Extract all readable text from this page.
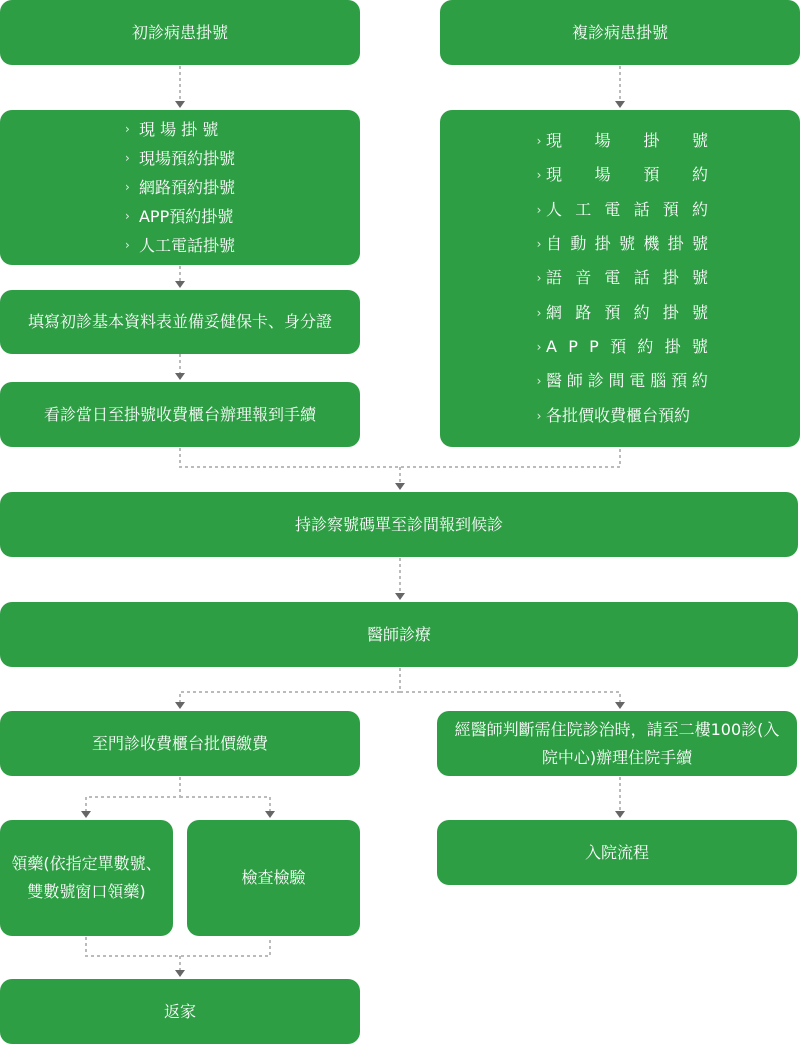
初診病患掛號
› 現 場 掛 號
› 現場預約掛號
› 網路預約掛號
› APP預約掛號
› 人工電話掛號
填寫初診基本資料表並備妥健保卡、身分證
看診當日至掛號收費櫃台辦理報到手續
複診病患掛號
› 現 場 掛 號
› 現 場 預 約
› 人 工 電 話 預 約
› 自 動 掛 號 機 掛 號
› 語 音 電 話 掛 號
› 網 路 預 約 掛 號
› A P P 預 約 掛 號
› 醫 師 診 間 電 腦 預 約
› 各批價收費櫃台預約
持診察號碼單至診間報到候診
醫師診療
至門診收費櫃台批價繳費
領藥(依指定單數號、雙數號窗口領藥)
檢查檢驗
返家
經醫師判斷需住院診治時，請至二樓100診(入院中心)辦理住院手續
入院流程
